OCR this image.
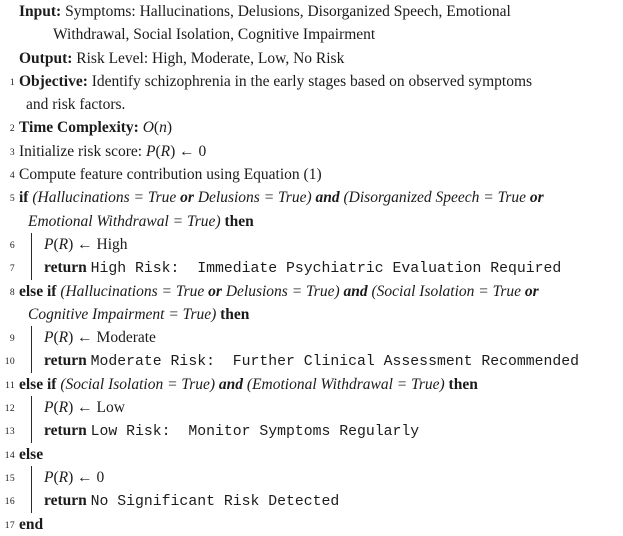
Input: Symptoms: Hallucinations, Delusions, Disorganized Speech, Emotional
Withdrawal, Social Isolation, Cognitive Impairment
Output: Risk Level: High, Moderate, Low, No Risk
1 Objective: Identify schizophrenia in the early stages based on observed symptoms
and risk factors.
2 Time Complexity: O(n)
3 Initialize risk score: P(R) ← 0
4 Compute feature contribution using Equation (1)
5 if (Hallucinations = True or Delusions = True) and (Disorganized Speech = True or
Emotional Withdrawal = True) then
6 P(R) ← High
7 return High Risk:  Immediate Psychiatric Evaluation Required
8 else if (Hallucinations = True or Delusions = True) and (Social Isolation = True or
Cognitive Impairment = True) then
9 P(R) ← Moderate
10 return Moderate Risk:  Further Clinical Assessment Recommended
11 else if (Social Isolation = True) and (Emotional Withdrawal = True) then
12 P(R) ← Low
13 return Low Risk:  Monitor Symptoms Regularly
14 else
15 P(R) ← 0
16 return No Significant Risk Detected
17 end
